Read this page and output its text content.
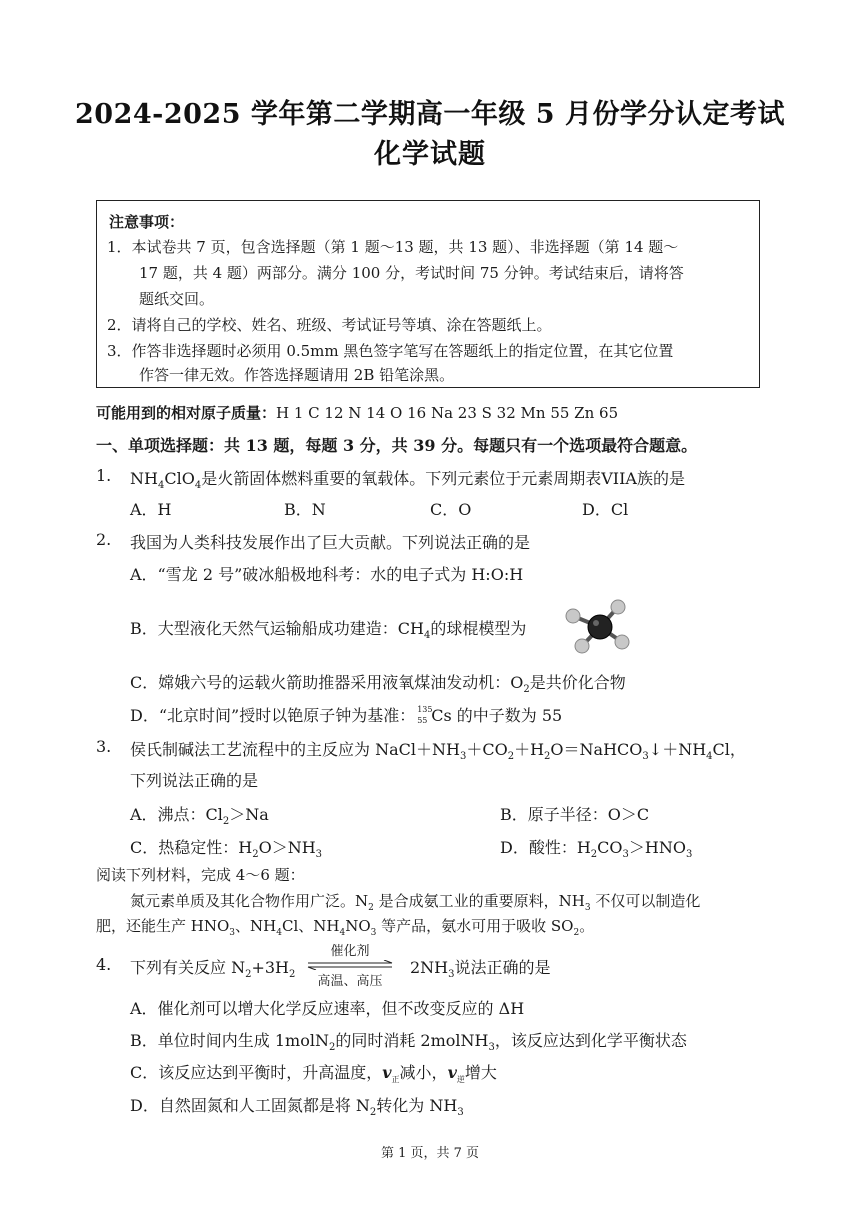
2024-2025 学年第二学期高一年级 5 月份学分认定考试
化学试题
注意事项：
1．本试卷共 7 页，包含选择题（第 1 题～13 题，共 13 题）、非选择题（第 14 题～
17 题，共 4 题）两部分。满分 100 分，考试时间 75 分钟。考试结束后，请将答
题纸交回。
2．请将自己的学校、姓名、班级、考试证号等填、涂在答题纸上。
3．作答非选择题时必须用 0.5mm 黑色签字笔写在答题纸上的指定位置，在其它位置
作答一律无效。作答选择题请用 2B 铅笔涂黑。
可能用到的相对原子质量：H 1 C 12 N 14 O 16 Na 23 S 32 Mn 55 Zn 65
一、单项选择题：共 13 题，每题 3 分，共 39 分。每题只有一个选项最符合题意。
1. $NH_4ClO_4$是火箭固体燃料重要的氧载体。下列元素位于元素周期表VIIA族的是
A．H	B．N	C．O	D．Cl
2. 我国为人类科技发展作出了巨大贡献。下列说法正确的是
A．“雪龙 2 号”破冰船极地科考：水的电子式为 H:O:H
B．大型液化天然气运输船成功建造：$CH_4$的球棍模型为
C．嫦娥六号的运载火箭助推器采用液氧煤油发动机：$O_2$是共价化合物
D．“北京时间”授时以铯原子钟为基准： 135
55 Cs 的中子数为 55
3. 侯氏制碱法工艺流程中的主反应为 $NaCl+NH_3+CO_2+H_2O=NaHCO_3↓+NH_4Cl$，
下列说法正确的是
A．沸点：$Cl_2>Na$	B．原子半径：O＞C
C．热稳定性：$H_2O>NH_3$	D．酸性：$H_2CO_3>HNO_3$
阅读下列材料，完成 4～6 题：
氮元素单质及其化合物作用广泛。$N_2$ 是合成氨工业的重要原料，$NH_3$ 不仅可以制造化
肥，还能生产 $HNO_3$、$NH_4Cl$、$NH_4NO_3$ 等产品，氨水可用于吸收 $SO_2$。
4. 下列有关反应 $N_2+3H_2$
催化剂
高温、高压
$2NH_3$说法正确的是
A．催化剂可以增大化学反应速率，但不改变反应的 ΔH
B．单位时间内生成 1molN$_2$的同时消耗 2molNH$_3$，该反应达到化学平衡状态
C．该反应达到平衡时，升高温度，$v_正$减小，$v_逆$增大
D．自然固氮和人工固氮都是将 $N_2$转化为 $NH_3$
第 1 页，共 7 页
